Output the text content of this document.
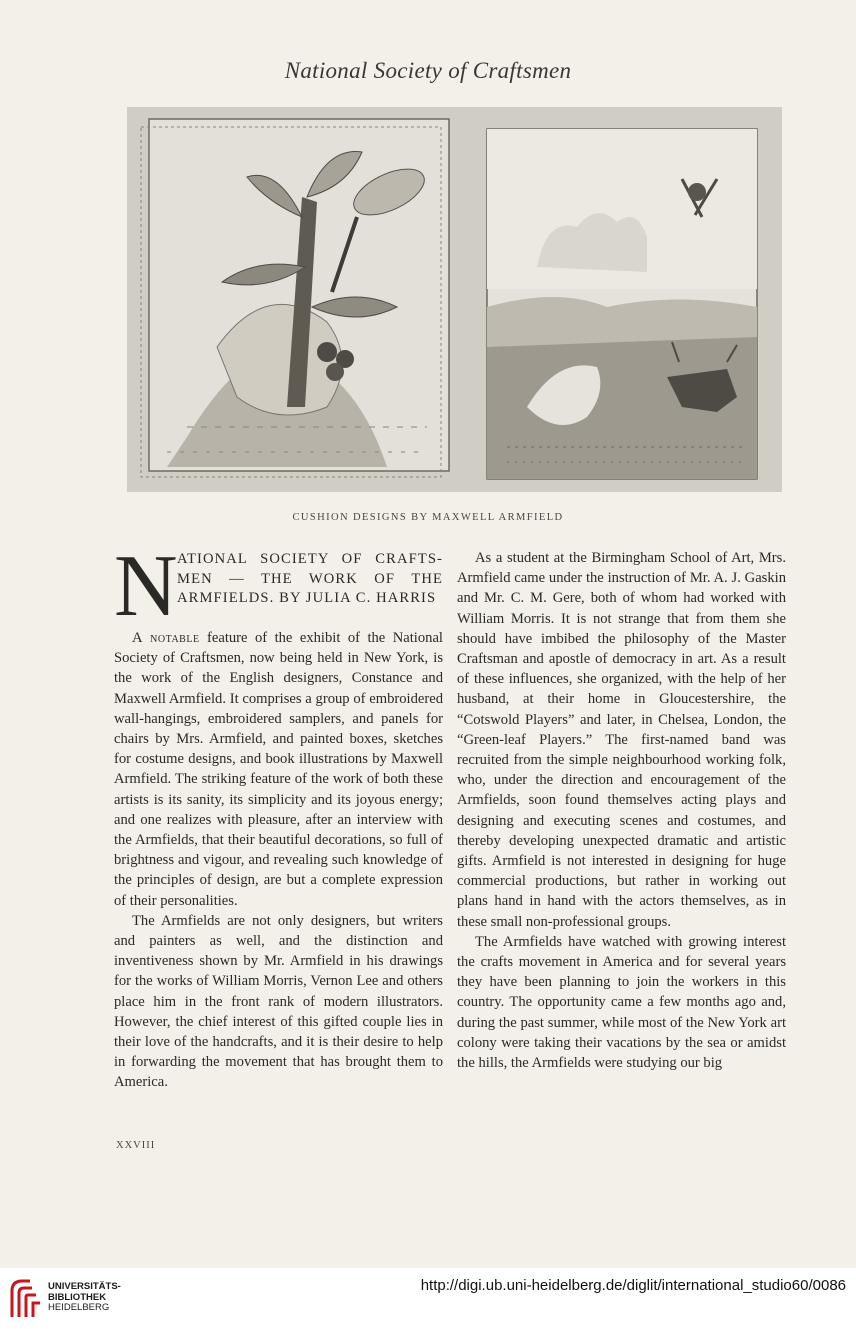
National Society of Craftsmen
CUSHION DESIGNS BY MAXWELL ARMFIELD
N ATIONAL SOCIETY OF CRAFTS-MEN — THE WORK OF THE ARMFIELDS. BY JULIA C. HARRIS

A notable feature of the exhibit of the National Society of Craftsmen, now being held in New York, is the work of the English designers, Constance and Maxwell Armfield. It comprises a group of embroidered wall-hangings, embroidered samplers, and panels for chairs by Mrs. Armfield, and painted boxes, sketches for costume designs, and book illustrations by Maxwell Armfield. The striking feature of the work of both these artists is its sanity, its simplicity and its joyous energy; and one realizes with pleasure, after an interview with the Armfields, that their beautiful decorations, so full of brightness and vigour, and revealing such knowledge of the principles of design, are but a complete expression of their personalities.

The Armfields are not only designers, but writers and painters as well, and the distinction and inventiveness shown by Mr. Armfield in his drawings for the works of William Morris, Vernon Lee and others place him in the front rank of modern illustrators. However, the chief interest of this gifted couple lies in their love of the handcrafts, and it is their desire to help in forwarding the movement that has brought them to America.

As a student at the Birmingham School of Art, Mrs. Armfield came under the instruction of Mr. A. J. Gaskin and Mr. C. M. Gere, both of whom had worked with William Morris. It is not strange that from them she should have imbibed the philosophy of the Master Craftsman and apostle of democracy in art. As a result of these influences, she organized, with the help of her husband, at their home in Gloucestershire, the “Cotswold Players” and later, in Chelsea, London, the “Green-leaf Players.” The first-named band was recruited from the simple neighbourhood working folk, who, under the direction and encouragement of the Armfields, soon found themselves acting plays and designing and executing scenes and costumes, and thereby developing unexpected dramatic and artistic gifts. Armfield is not interested in designing for huge commercial productions, but rather in working out plans hand in hand with the actors themselves, as in these small non-professional groups.

The Armfields have watched with growing interest the crafts movement in America and for several years they have been planning to join the workers in this country. The opportunity came a few months ago and, during the past summer, while most of the New York art colony were taking their vacations by the sea or amidst the hills, the Armfields were studying our big

XXVIII
UNIVERSITÄTS-
BIBLIOTHEK
HEIDELBERG
http://digi.ub.uni-heidelberg.de/diglit/international_studio60/0086
